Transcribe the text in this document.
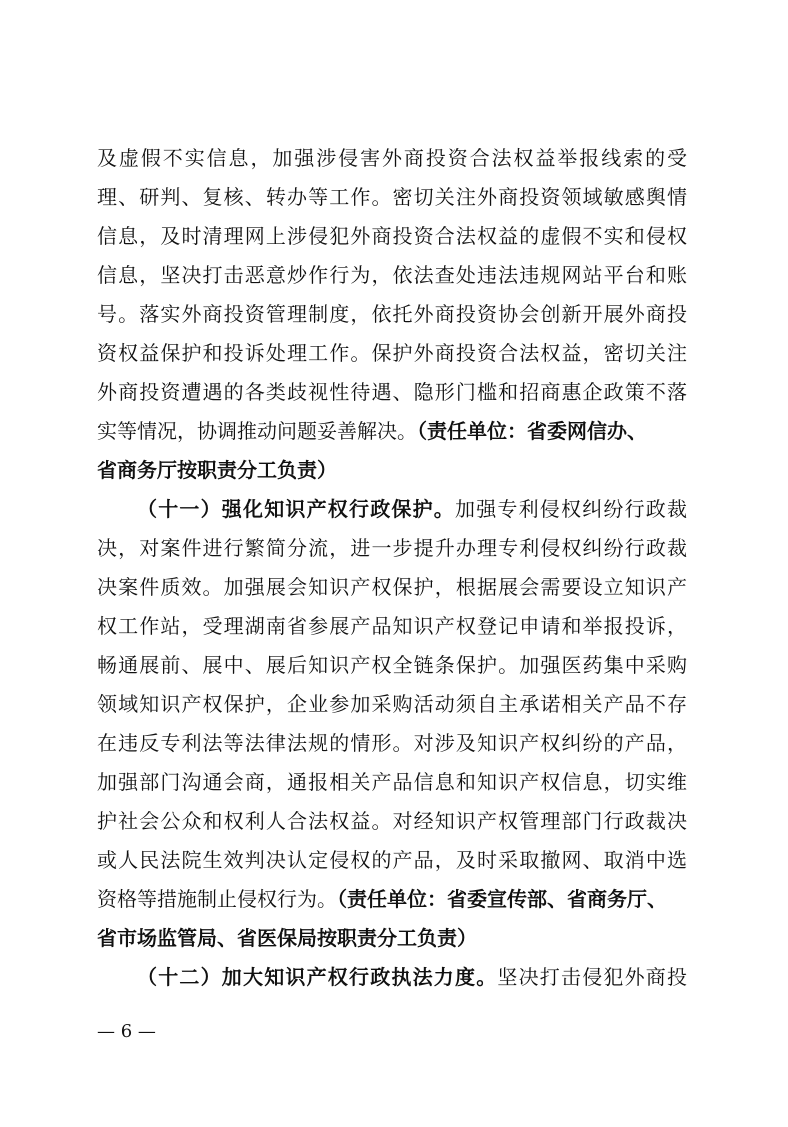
及虚假不实信息，加强涉侵害外商投资合法权益举报线索的受
理、研判、复核、转办等工作。密切关注外商投资领域敏感舆情
信息，及时清理网上涉侵犯外商投资合法权益的虚假不实和侵权
信息，坚决打击恶意炒作行为，依法查处违法违规网站平台和账
号。落实外商投资管理制度，依托外商投资协会创新开展外商投
资权益保护和投诉处理工作。保护外商投资合法权益，密切关注
外商投资遭遇的各类歧视性待遇、隐形门槛和招商惠企政策不落
实等情况，协调推动问题妥善解决。（责任单位：省委网信办、
省商务厅按职责分工负责）
（十一）强化知识产权行政保护。加强专利侵权纠纷行政裁
决，对案件进行繁简分流，进一步提升办理专利侵权纠纷行政裁
决案件质效。加强展会知识产权保护，根据展会需要设立知识产
权工作站，受理湖南省参展产品知识产权登记申请和举报投诉，
畅通展前、展中、展后知识产权全链条保护。加强医药集中采购
领域知识产权保护，企业参加采购活动须自主承诺相关产品不存
在违反专利法等法律法规的情形。对涉及知识产权纠纷的产品，
加强部门沟通会商，通报相关产品信息和知识产权信息，切实维
护社会公众和权利人合法权益。对经知识产权管理部门行政裁决
或人民法院生效判决认定侵权的产品，及时采取撤网、取消中选
资格等措施制止侵权行为。（责任单位：省委宣传部、省商务厅、
省市场监管局、省医保局按职责分工负责）
（十二）加大知识产权行政执法力度。坚决打击侵犯外商投
— 6 —
